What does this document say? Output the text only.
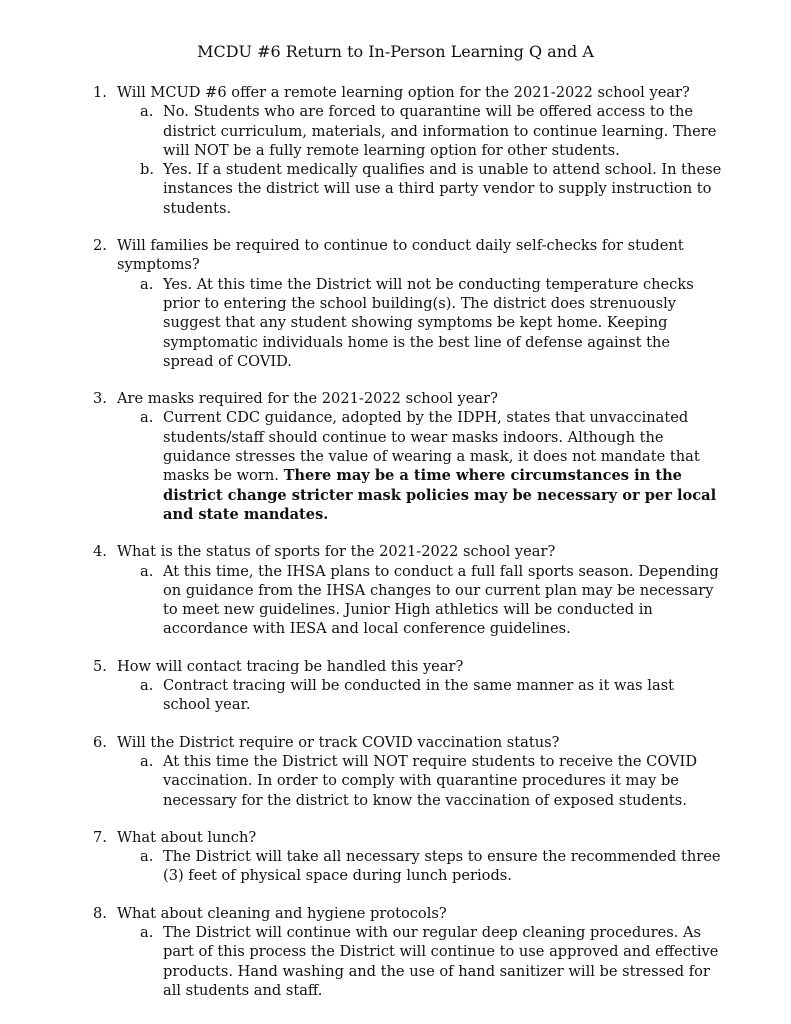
MCDU #6 Return to In-Person Learning Q and A
1. Will MCUD #6 offer a remote learning option for the 2021-2022 school year?
a. No. Students who are forced to quarantine will be offered access to the district curriculum, materials, and information to continue learning. There will NOT be a fully remote learning option for other students.
b. Yes. If a student medically qualifies and is unable to attend school. In these instances the district will use a third party vendor to supply instruction to students.
2. Will families be required to continue to conduct daily self-checks for student symptoms?
a. Yes. At this time the District will not be conducting temperature checks prior to entering the school building(s). The district does strenuously suggest that any student showing symptoms be kept home. Keeping symptomatic individuals home is the best line of defense against the spread of COVID.
3. Are masks required for the 2021-2022 school year?
a. Current CDC guidance, adopted by the IDPH, states that unvaccinated students/staff should continue to wear masks indoors. Although the guidance stresses the value of wearing a mask, it does not mandate that masks be worn. There may be a time where circumstances in the district change stricter mask policies may be necessary or per local and state mandates.
4. What is the status of sports for the 2021-2022 school year?
a. At this time, the IHSA plans to conduct a full fall sports season. Depending on guidance from the IHSA changes to our current plan may be necessary to meet new guidelines. Junior High athletics will be conducted in accordance with IESA and local conference guidelines.
5. How will contact tracing be handled this year?
a. Contract tracing will be conducted in the same manner as it was last school year.
6. Will the District require or track COVID vaccination status?
a. At this time the District will NOT require students to receive the COVID vaccination. In order to comply with quarantine procedures it may be necessary for the district to know the vaccination of exposed students.
7. What about lunch?
a. The District will take all necessary steps to ensure the recommended three (3) feet of physical space during lunch periods.
8. What about cleaning and hygiene protocols?
a. The District will continue with our regular deep cleaning procedures. As part of this process the District will continue to use approved and effective products. Hand washing and the use of hand sanitizer will be stressed for all students and staff.
